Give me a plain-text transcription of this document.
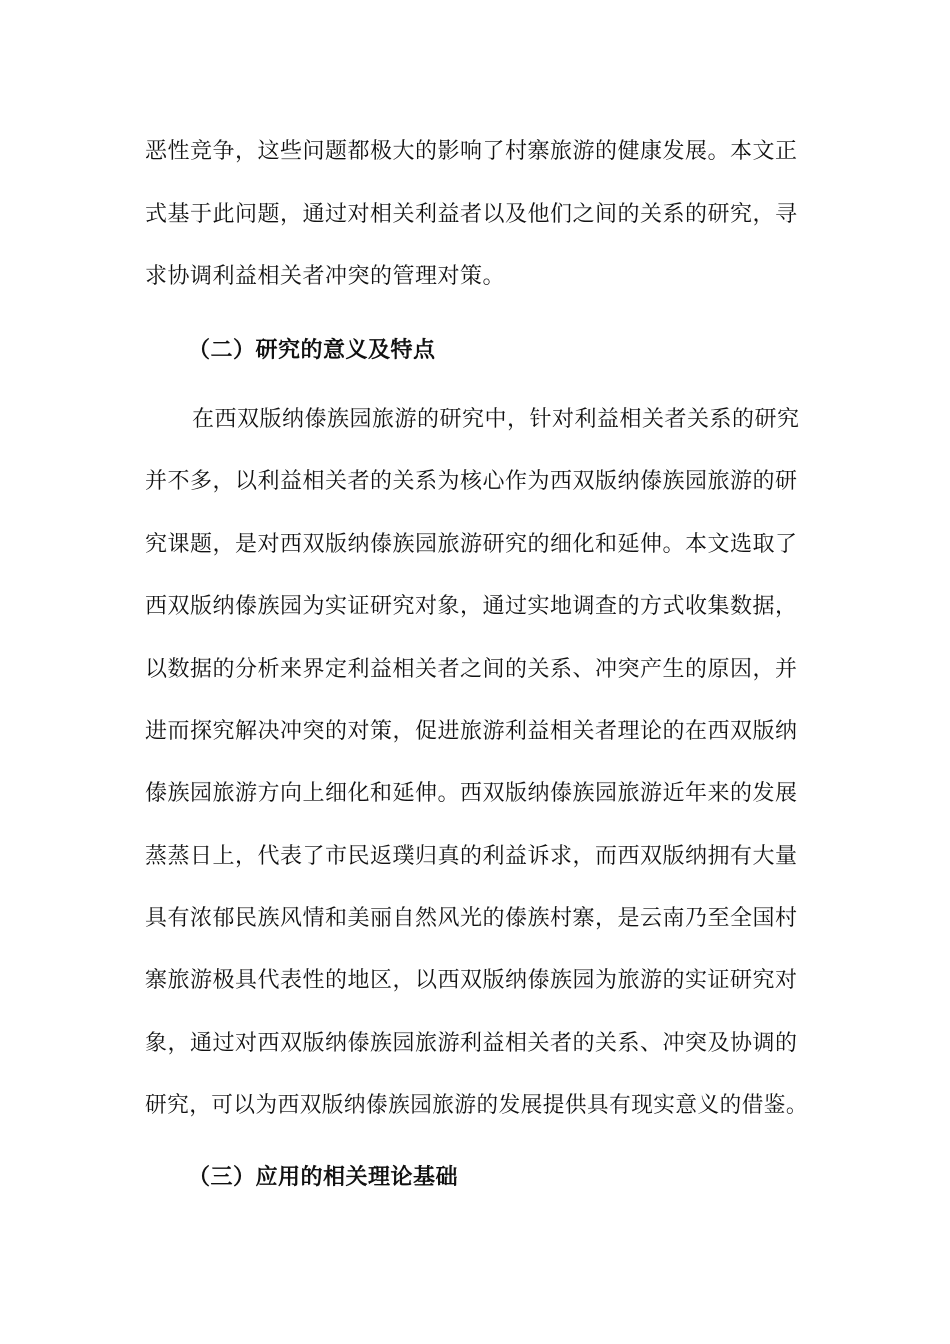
恶性竞争，这些问题都极大的影响了村寨旅游的健康发展。本文正
式基于此问题，通过对相关利益者以及他们之间的关系的研究，寻
求协调利益相关者冲突的管理对策。
（二）研究的意义及特点
在西双版纳傣族园旅游的研究中，针对利益相关者关系的研究
并不多，以利益相关者的关系为核心作为西双版纳傣族园旅游的研
究课题，是对西双版纳傣族园旅游研究的细化和延伸。本文选取了
西双版纳傣族园为实证研究对象，通过实地调查的方式收集数据，
以数据的分析来界定利益相关者之间的关系、冲突产生的原因，并
进而探究解决冲突的对策，促进旅游利益相关者理论的在西双版纳
傣族园旅游方向上细化和延伸。西双版纳傣族园旅游近年来的发展
蒸蒸日上，代表了市民返璞归真的利益诉求，而西双版纳拥有大量
具有浓郁民族风情和美丽自然风光的傣族村寨，是云南乃至全国村
寨旅游极具代表性的地区，以西双版纳傣族园为旅游的实证研究对
象，通过对西双版纳傣族园旅游利益相关者的关系、冲突及协调的
研究，可以为西双版纳傣族园旅游的发展提供具有现实意义的借鉴。
（三）应用的相关理论基础
